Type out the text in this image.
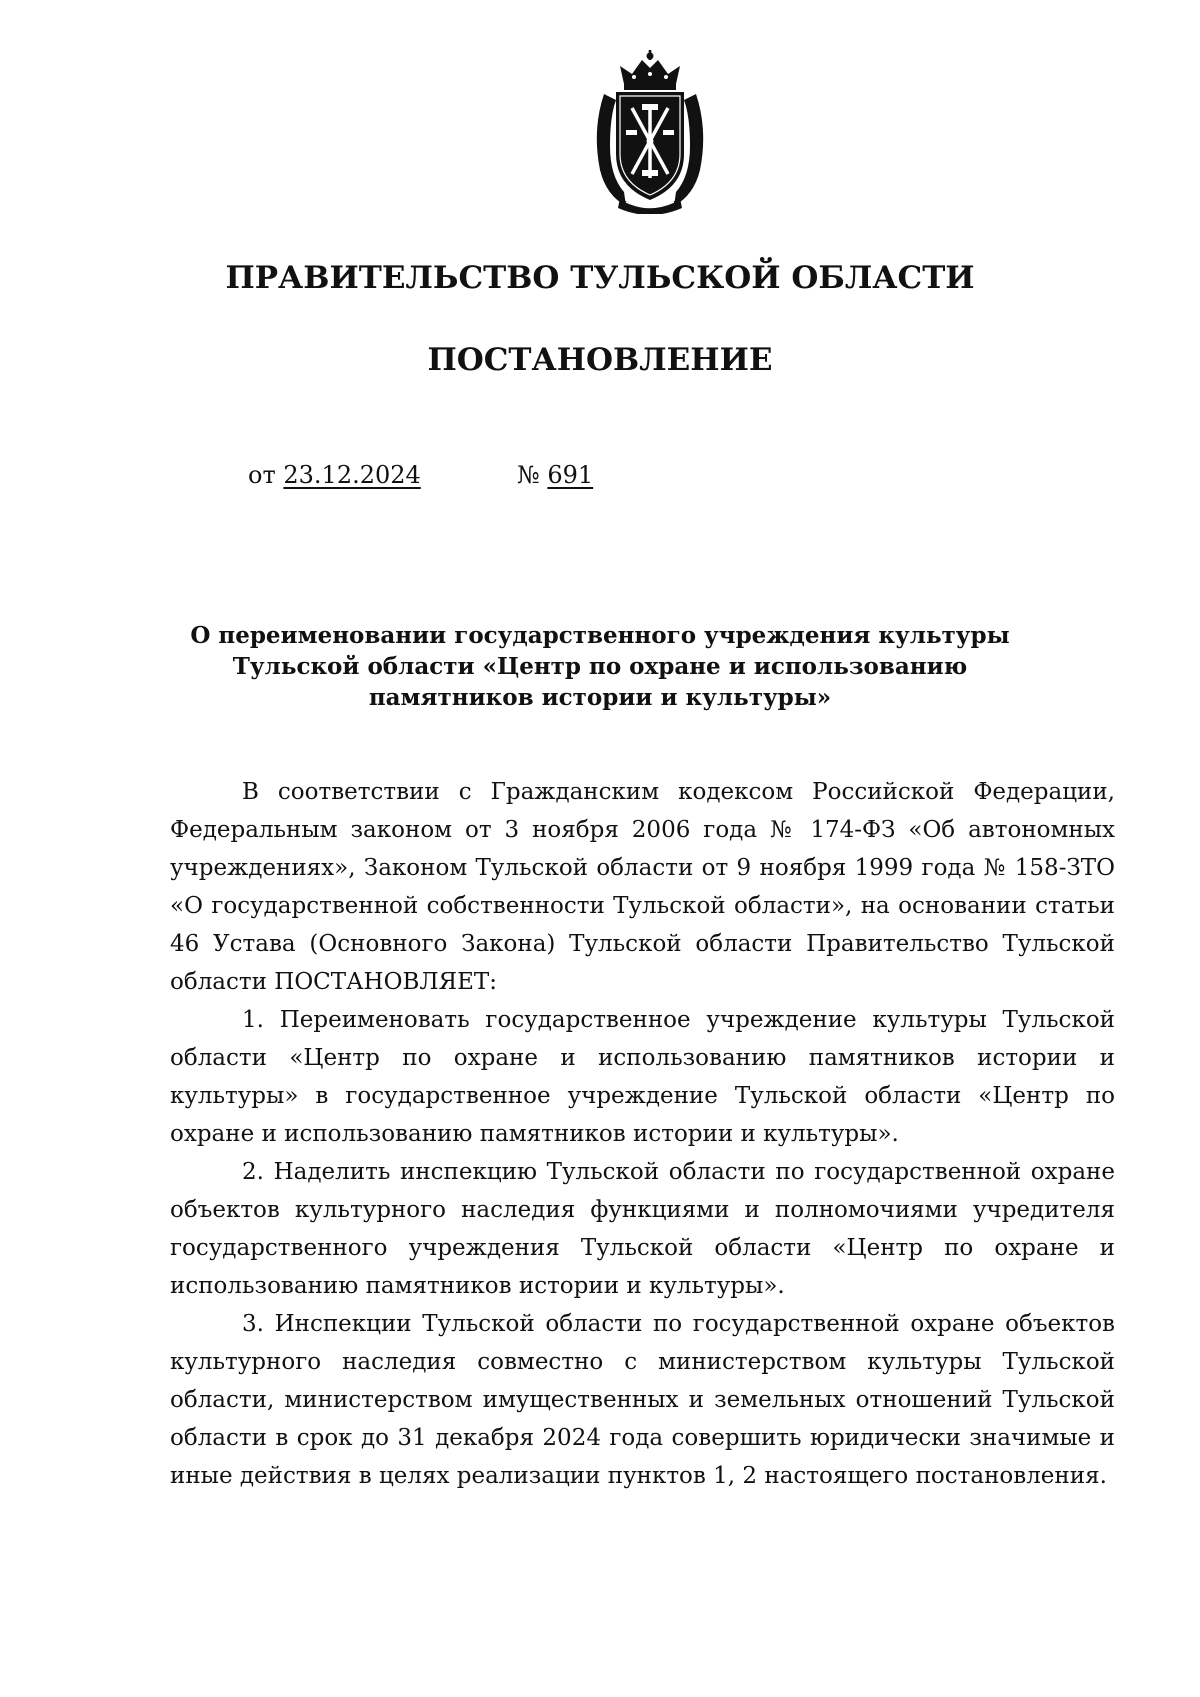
ПРАВИТЕЛЬСТВО ТУЛЬСКОЙ ОБЛАСТИ
ПОСТАНОВЛЕНИЕ
от 23.12.2024	№ 691
О переименовании государственного учреждения культуры
Тульской области «Центр по охране и использованию
памятников истории и культуры»

В соответствии с Гражданским кодексом Российской Федерации, Федеральным законом от 3 ноября 2006 года № 174-ФЗ «Об автономных учреждениях», Законом Тульской области от 9 ноября 1999 года № 158-ЗТО «О государственной собственности Тульской области», на основании статьи 46 Устава (Основного Закона) Тульской области Правительство Тульской области ПОСТАНОВЛЯЕТ:

1. Переименовать государственное учреждение культуры Тульской области «Центр по охране и использованию памятников истории и культуры» в государственное учреждение Тульской области «Центр по охране и использованию памятников истории и культуры».

2. Наделить инспекцию Тульской области по государственной охране объектов культурного наследия функциями и полномочиями учредителя государственного учреждения Тульской области «Центр по охране и использованию памятников истории и культуры».

3. Инспекции Тульской области по государственной охране объектов культурного наследия совместно с министерством культуры Тульской области, министерством имущественных и земельных отношений Тульской области в срок до 31 декабря 2024 года совершить юридически значимые и иные действия в целях реализации пунктов 1, 2 настоящего постановления.
